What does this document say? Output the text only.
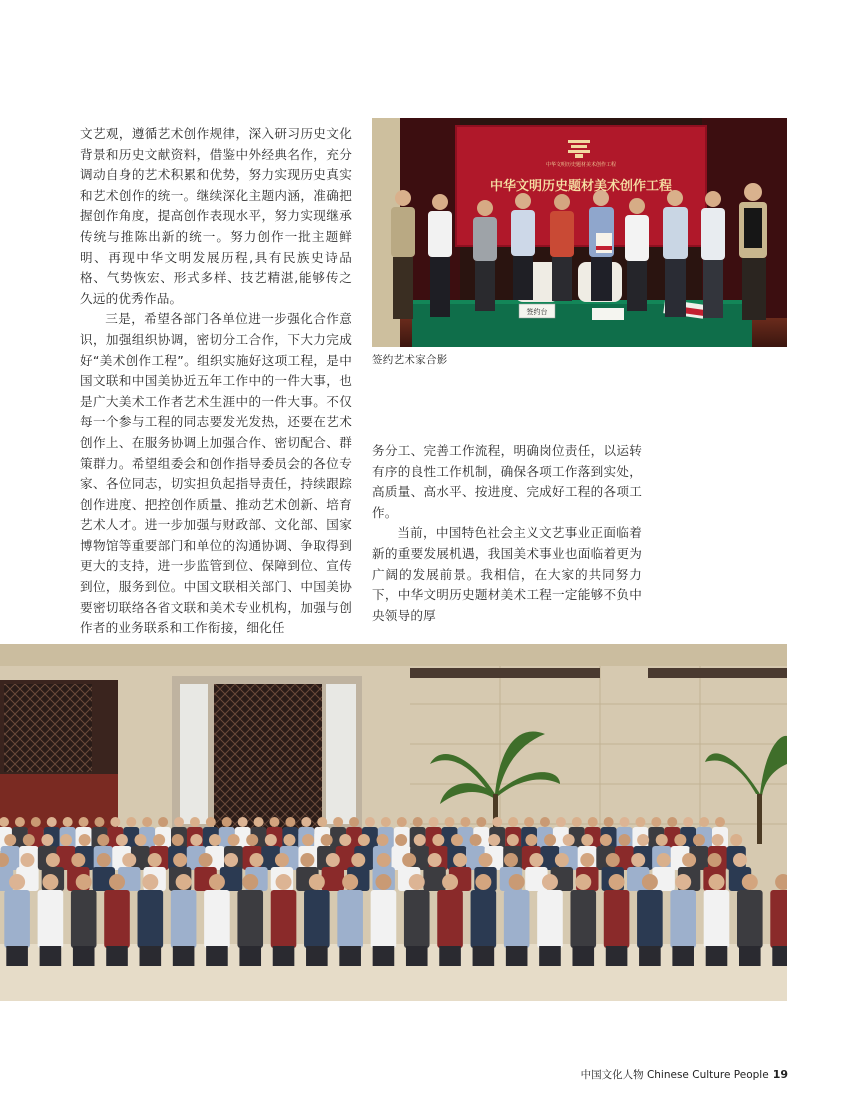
文艺观，遵循艺术创作规律，深入研习历史文化背景和历史文献资料，借鉴中外经典名作，充分调动自身的艺术积累和优势，努力实现历史真实和艺术创作的统一。继续深化主题内涵，准确把握创作角度，提高创作表现水平，努力实现继承传统与推陈出新的统一。努力创作一批主题鲜明、再现中华文明发展历程,具有民族史诗品格、气势恢宏、形式多样、技艺精湛,能够传之久远的优秀作品。

三是，希望各部门各单位进一步强化合作意识，加强组织协调，密切分工合作，下大力完成好“美术创作工程”。组织实施好这项工程，是中国文联和中国美协近五年工作中的一件大事，也是广大美术工作者艺术生涯中的一件大事。不仅每一个参与工程的同志要发光发热，还要在艺术创作上、在服务协调上加强合作、密切配合、群策群力。希望组委会和创作指导委员会的各位专家、各位同志，切实担负起指导责任，持续跟踪创作进度、把控创作质量、推动艺术创新、培育艺术人才。进一步加强与财政部、文化部、国家博物馆等重要部门和单位的沟通协调、争取得到更大的支持，进一步监管到位、保障到位、宣传到位，服务到位。中国文联相关部门、中国美协要密切联络各省文联和美术专业机构，加强与创作者的业务联系和工作衔接，细化任

中华文明历史题材美术创作工程
中华文明历史题材美术创作工程
签约台
签约艺术家合影

务分工、完善工作流程，明确岗位责任，以运转有序的良性工作机制，确保各项工作落到实处，高质量、高水平、按进度、完成好工程的各项工作。

当前，中国特色社会主义文艺事业正面临着新的重要发展机遇，我国美术事业也面临着更为广阔的发展前景。我相信，在大家的共同努力下，中华文明历史题材美术工程一定能够不负中央领导的厚

中国文化人物 Chinese Culture People 19
